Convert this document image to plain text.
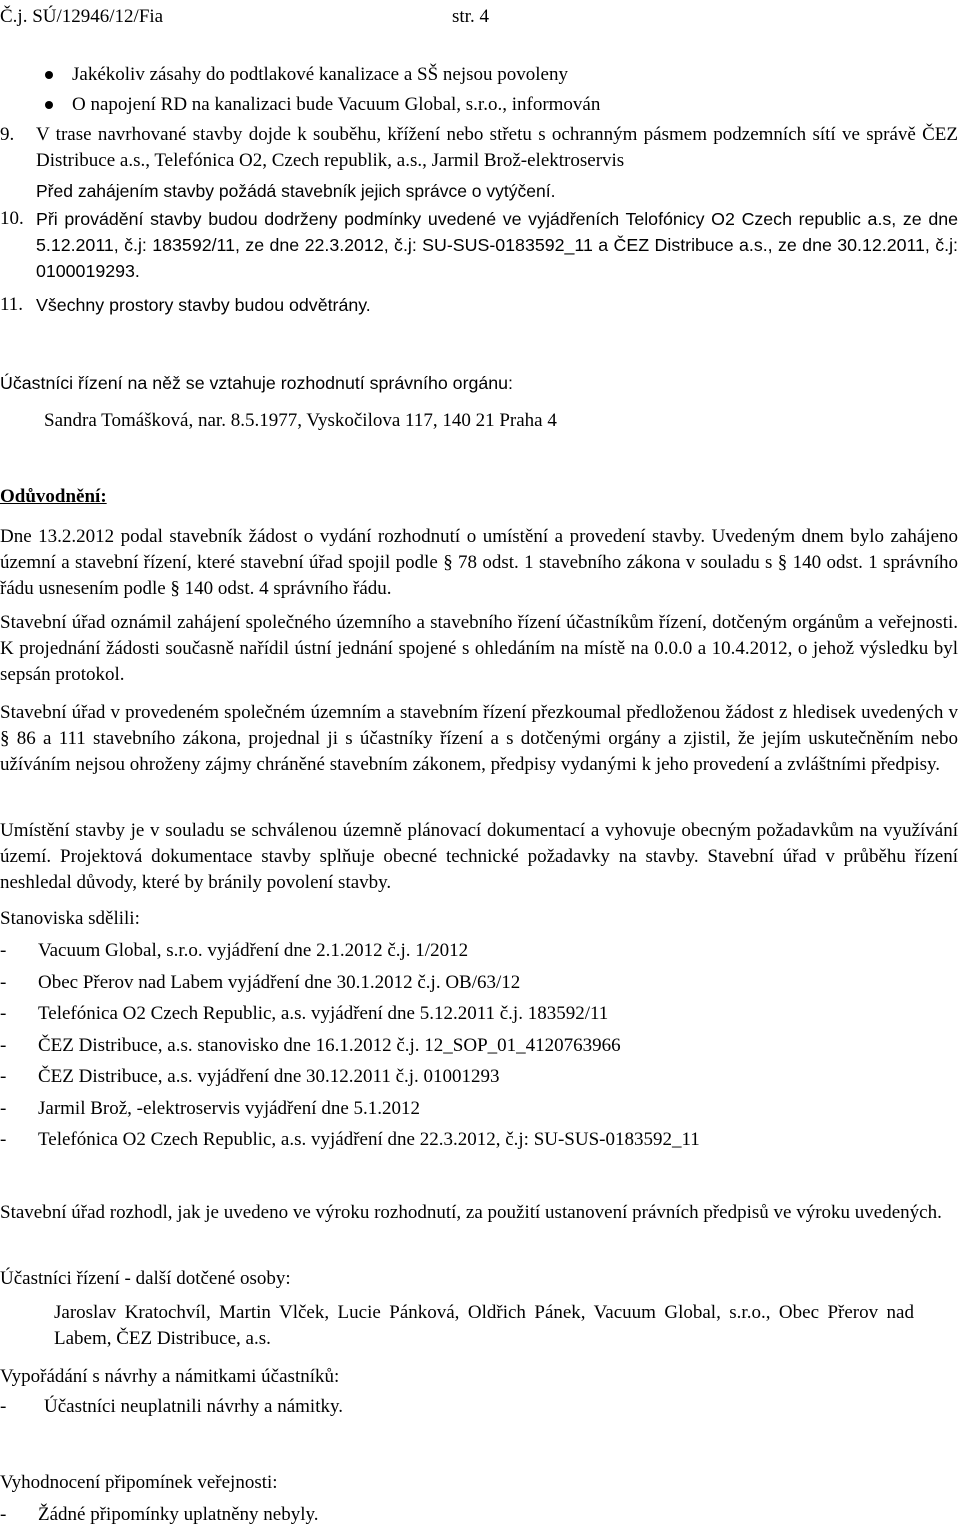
Č.j. SÚ/12946/12/Fia	str. 4
Jakékoliv zásahy do podtlakové kanalizace a SŠ nejsou povoleny
O napojení RD na kanalizaci bude Vacuum Global, s.r.o., informován
9. V trase navrhované stavby dojde k souběhu, křížení nebo střetu s ochranným pásmem podzemních sítí ve správě ČEZ Distribuce a.s., Telefónica O2, Czech republik, a.s., Jarmil Brož-elektroservis
Před zahájením stavby požádá stavebník jejich správce o vytýčení.
10. Při provádění stavby budou dodrženy podmínky uvedené ve vyjádřeních Telofónicy O2 Czech republic a.s, ze dne 5.12.2011, č.j: 183592/11, ze dne 22.3.2012, č.j: SU-SUS-0183592_11 a ČEZ Distribuce a.s., ze dne 30.12.2011, č.j: 0100019293.
11. Všechny prostory stavby budou odvětrány.
Účastníci řízení na něž se vztahuje rozhodnutí správního orgánu:
Sandra Tomášková, nar. 8.5.1977, Vyskočilova 117, 140 21 Praha 4
Odůvodnění:
Dne 13.2.2012 podal stavebník žádost o vydání rozhodnutí o umístění a provedení stavby. Uvedeným dnem bylo zahájeno územní a stavební řízení, které stavební úřad spojil podle § 78 odst. 1 stavebního zákona v souladu s § 140 odst. 1 správního řádu usnesením podle § 140 odst. 4 správního řádu.
Stavební úřad oznámil zahájení společného územního a stavebního řízení účastníkům řízení, dotčeným orgánům a veřejnosti. K projednání žádosti současně nařídil ústní jednání spojené s ohledáním na místě na 0.0.0 a 10.4.2012, o jehož výsledku byl sepsán protokol.
Stavební úřad v provedeném společném územním a stavebním řízení přezkoumal předloženou žádost z hledisek uvedených v § 86 a 111 stavebního zákona, projednal ji s účastníky řízení a s dotčenými orgány a zjistil, že jejím uskutečněním nebo užíváním nejsou ohroženy zájmy chráněné stavebním zákonem, předpisy vydanými k jeho provedení a zvláštními předpisy.
Umístění stavby je v souladu se schválenou územně plánovací dokumentací a vyhovuje obecným požadavkům na využívání území. Projektová dokumentace stavby splňuje obecné technické požadavky na stavby. Stavební úřad v průběhu řízení neshledal důvody, které by bránily povolení stavby.
Stanoviska sdělili:
- Vacuum Global, s.r.o. vyjádření dne 2.1.2012 č.j. 1/2012
- Obec Přerov nad Labem vyjádření dne 30.1.2012 č.j. OB/63/12
- Telefónica O2 Czech Republic, a.s. vyjádření dne 5.12.2011 č.j. 183592/11
- ČEZ Distribuce, a.s. stanovisko dne 16.1.2012 č.j. 12_SOP_01_4120763966
- ČEZ Distribuce, a.s. vyjádření dne 30.12.2011 č.j. 01001293
- Jarmil Brož, -elektroservis vyjádření dne 5.1.2012
- Telefónica O2 Czech Republic, a.s. vyjádření dne 22.3.2012, č.j: SU-SUS-0183592_11
Stavební úřad rozhodl, jak je uvedeno ve výroku rozhodnutí, za použití ustanovení právních předpisů ve výroku uvedených.
Účastníci řízení - další dotčené osoby:
Jaroslav Kratochvíl, Martin Vlček, Lucie Pánková, Oldřich Pánek, Vacuum Global, s.r.o., Obec Přerov nad Labem, ČEZ Distribuce, a.s.
Vypořádání s návrhy a námitkami účastníků:
- Účastníci neuplatnili návrhy a námitky.
Vyhodnocení připomínek veřejnosti:
- Žádné připomínky uplatněny nebyly.
